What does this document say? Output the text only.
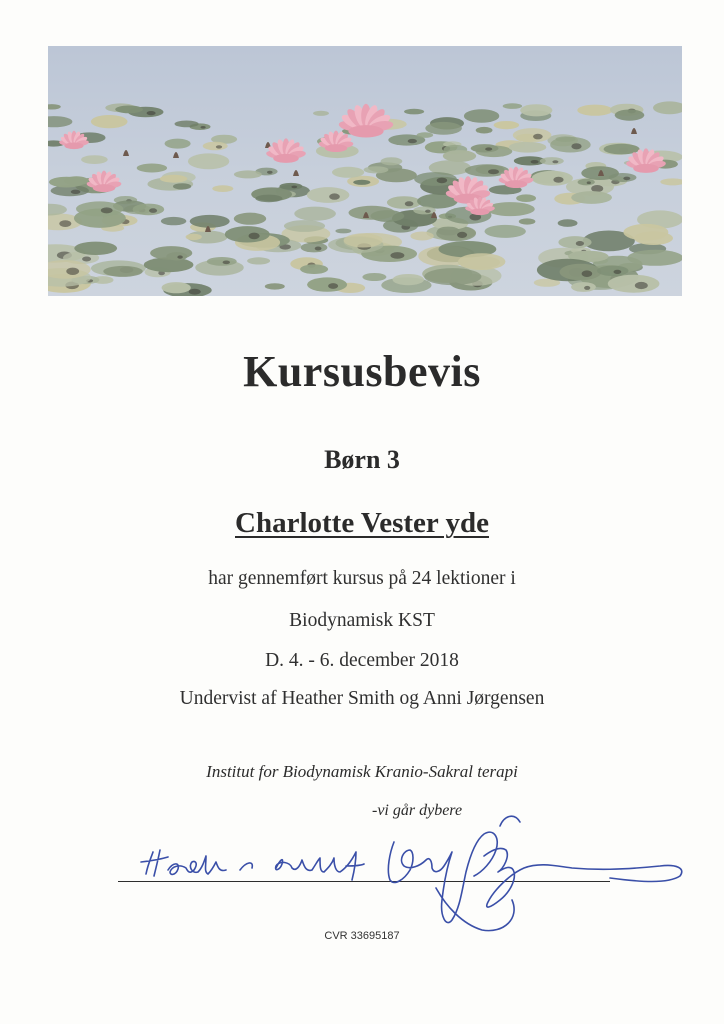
Kursusbevis
Børn 3
Charlotte Vester yde
har gennemført kursus på 24 lektioner i
Biodynamisk KST
D. 4. - 6. december 2018
Undervist af Heather Smith og Anni Jørgensen
Institut for Biodynamisk Kranio-Sakral terapi
-vi går dybere
CVR 33695187
